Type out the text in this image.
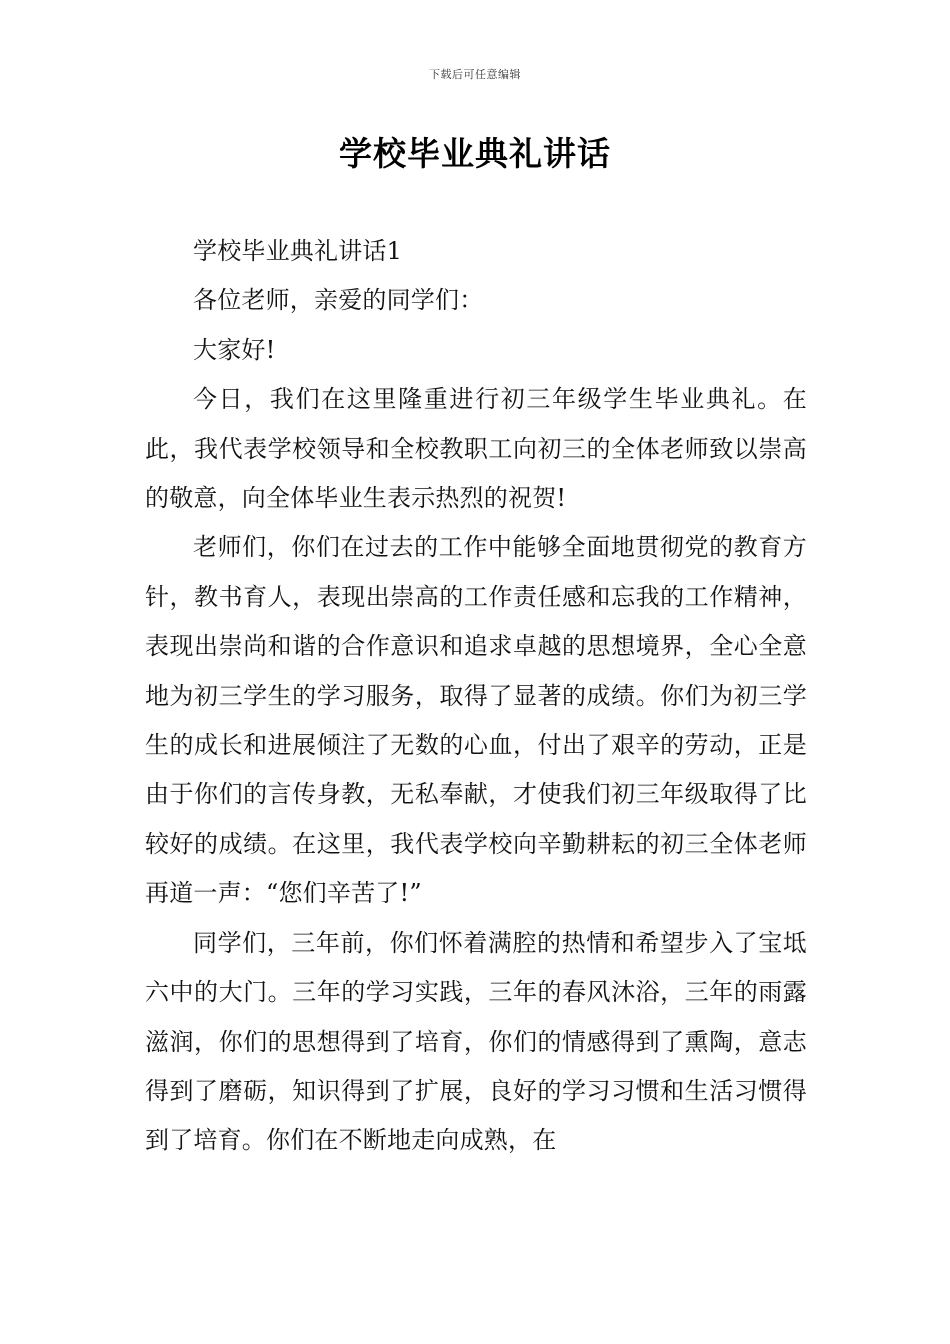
下载后可任意编辑
学校毕业典礼讲话

学校毕业典礼讲话1

各位老师，亲爱的同学们：

大家好!

今日，我们在这里隆重进行初三年级学生毕业典礼。在此，我代表学校领导和全校教职工向初三的全体老师致以崇高的敬意，向全体毕业生表示热烈的祝贺!

老师们，你们在过去的工作中能够全面地贯彻党的教育方针，教书育人，表现出崇高的工作责任感和忘我的工作精神，表现出崇尚和谐的合作意识和追求卓越的思想境界，全心全意地为初三学生的学习服务，取得了显著的成绩。你们为初三学生的成长和进展倾注了无数的心血，付出了艰辛的劳动，正是由于你们的言传身教，无私奉献，才使我们初三年级取得了比较好的成绩。在这里，我代表学校向辛勤耕耘的初三全体老师再道一声：“您们辛苦了!”

同学们，三年前，你们怀着满腔的热情和希望步入了宝坻六中的大门。三年的学习实践，三年的春风沐浴，三年的雨露滋润，你们的思想得到了培育，你们的情感得到了熏陶，意志得到了磨砺，知识得到了扩展，良好的学习习惯和生活习惯得到了培育。你们在不断地走向成熟，在
